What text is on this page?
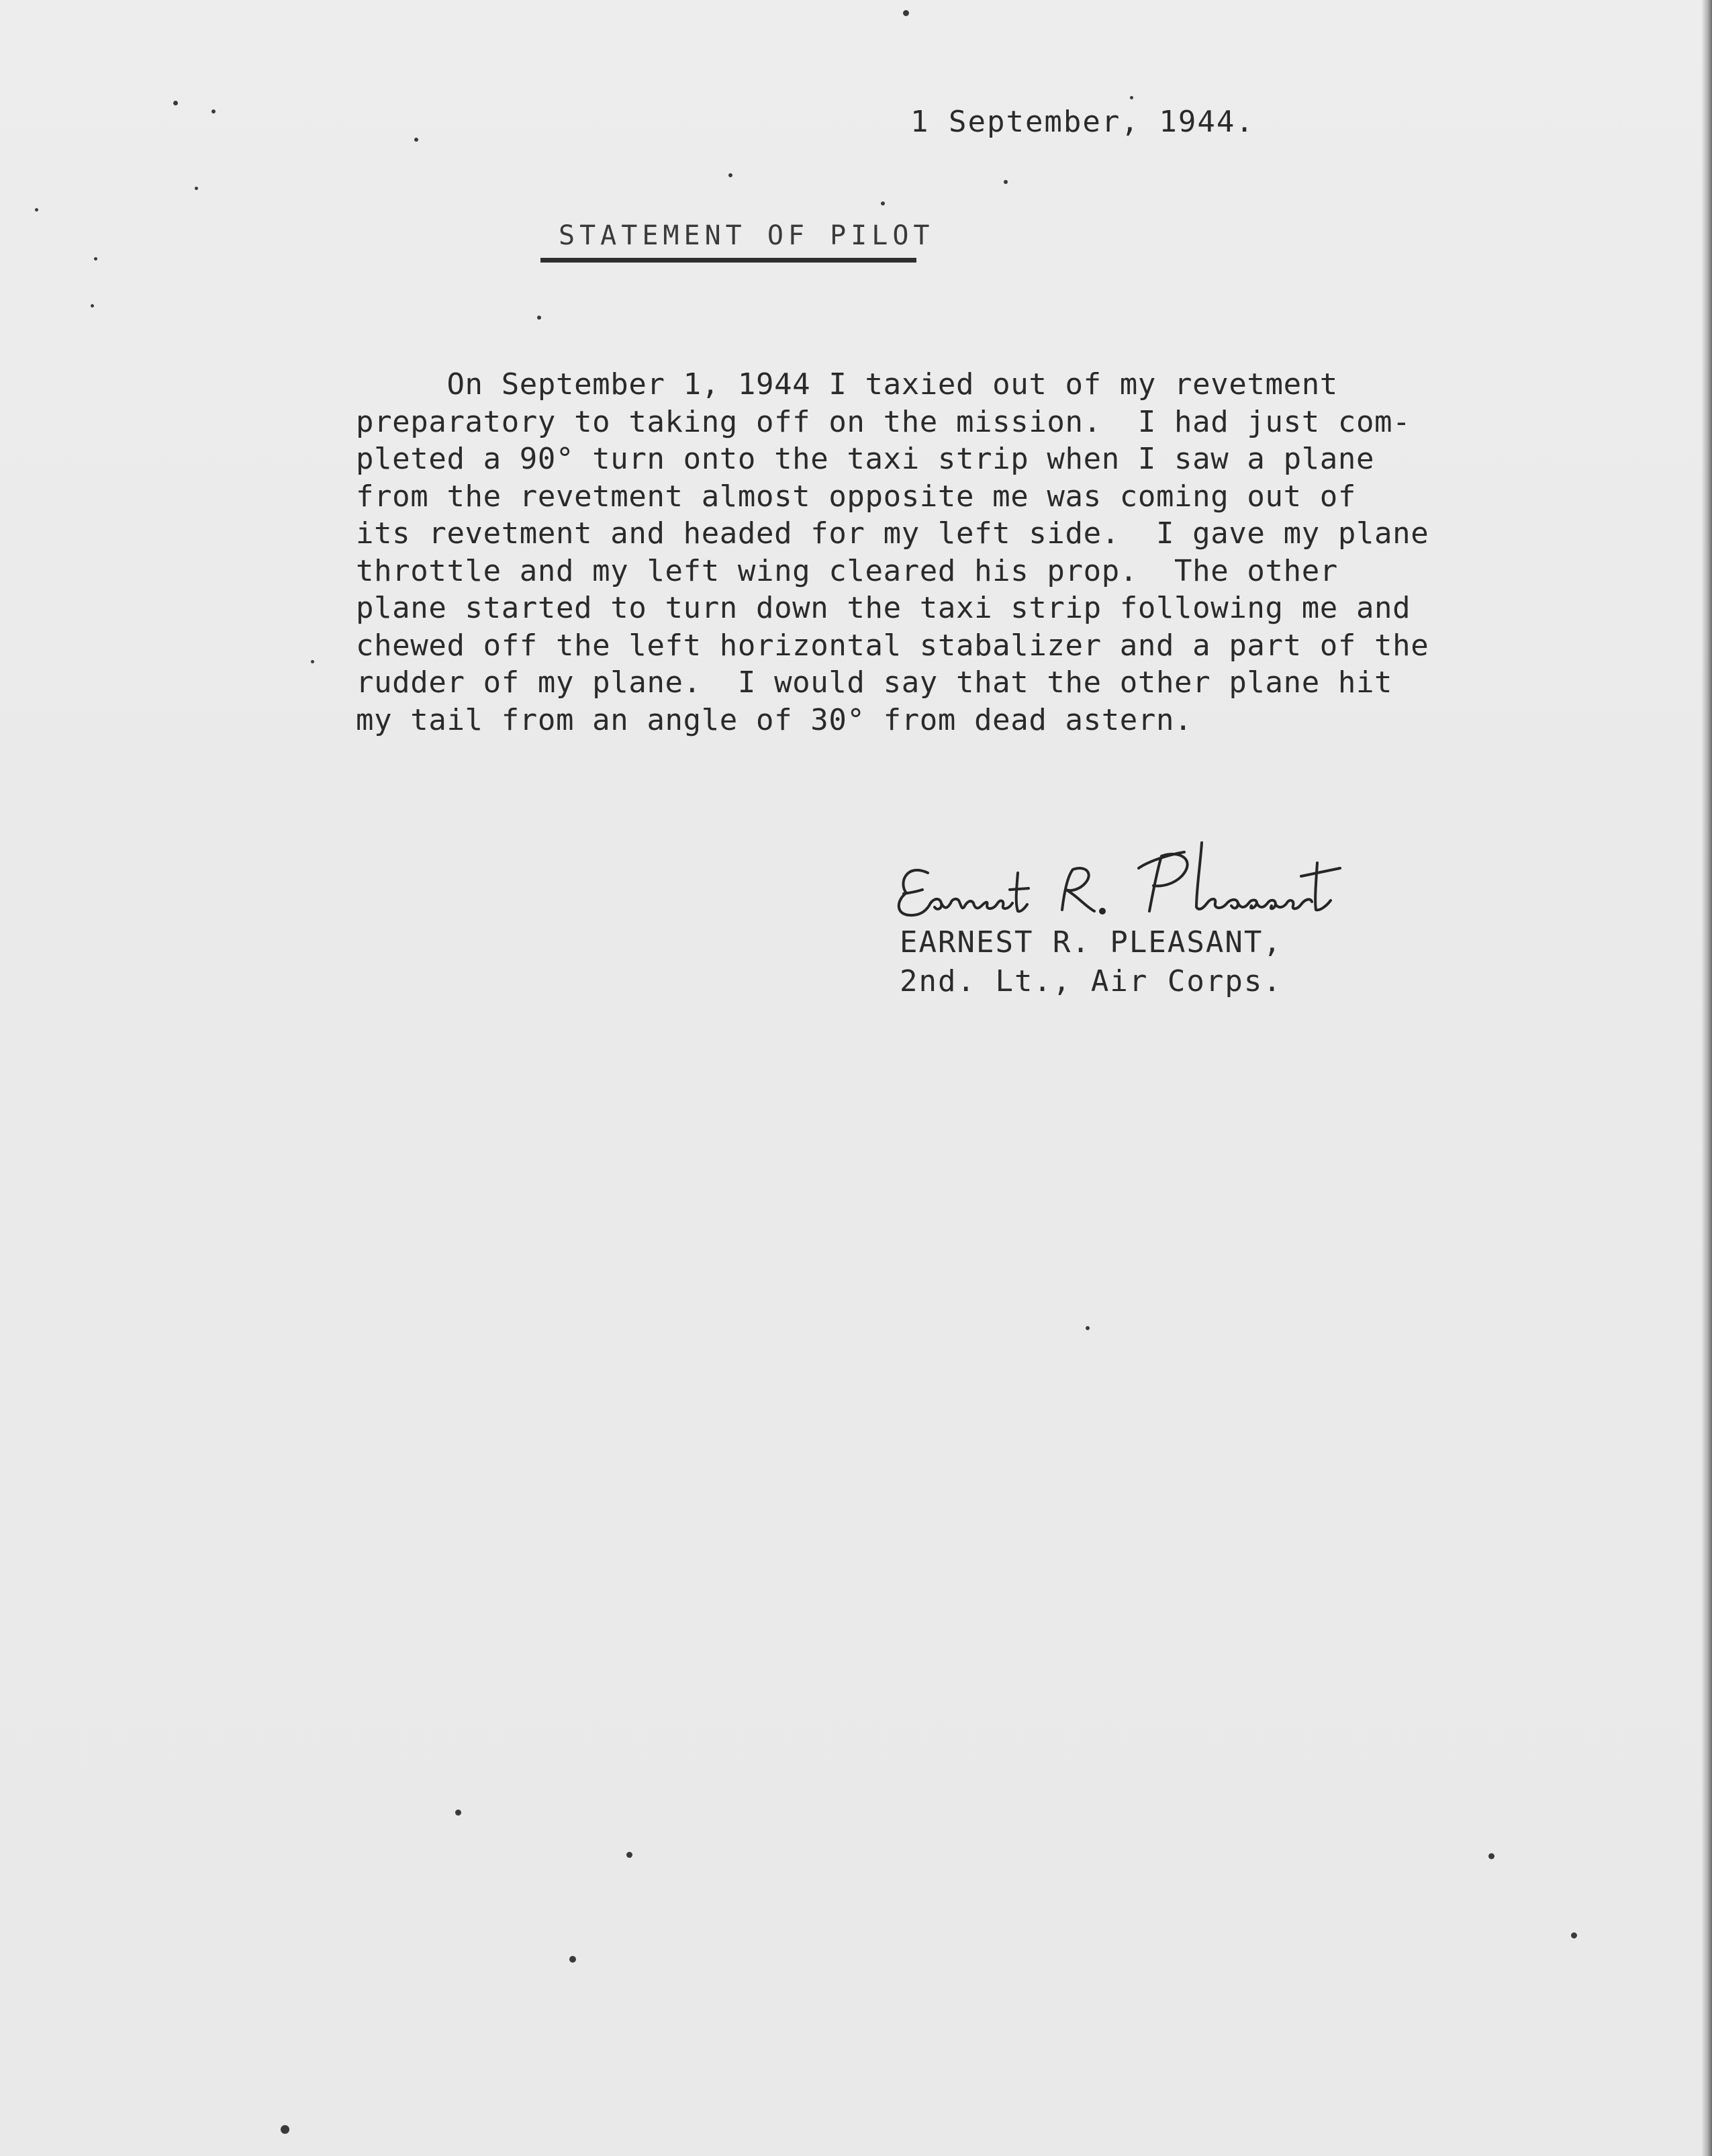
1 September, 1944.
STATEMENT OF PILOT
On September 1, 1944 I taxied out of my revetment
preparatory to taking off on the mission.  I had just com-
pleted a 90° turn onto the taxi strip when I saw a plane
from the revetment almost opposite me was coming out of
its revetment and headed for my left side.  I gave my plane
throttle and my left wing cleared his prop.  The other
plane started to turn down the taxi strip following me and
chewed off the left horizontal stabalizer and a part of the
rudder of my plane.  I would say that the other plane hit
my tail from an angle of 30° from dead astern.
EARNEST R. PLEASANT,
2nd. Lt., Air Corps.
